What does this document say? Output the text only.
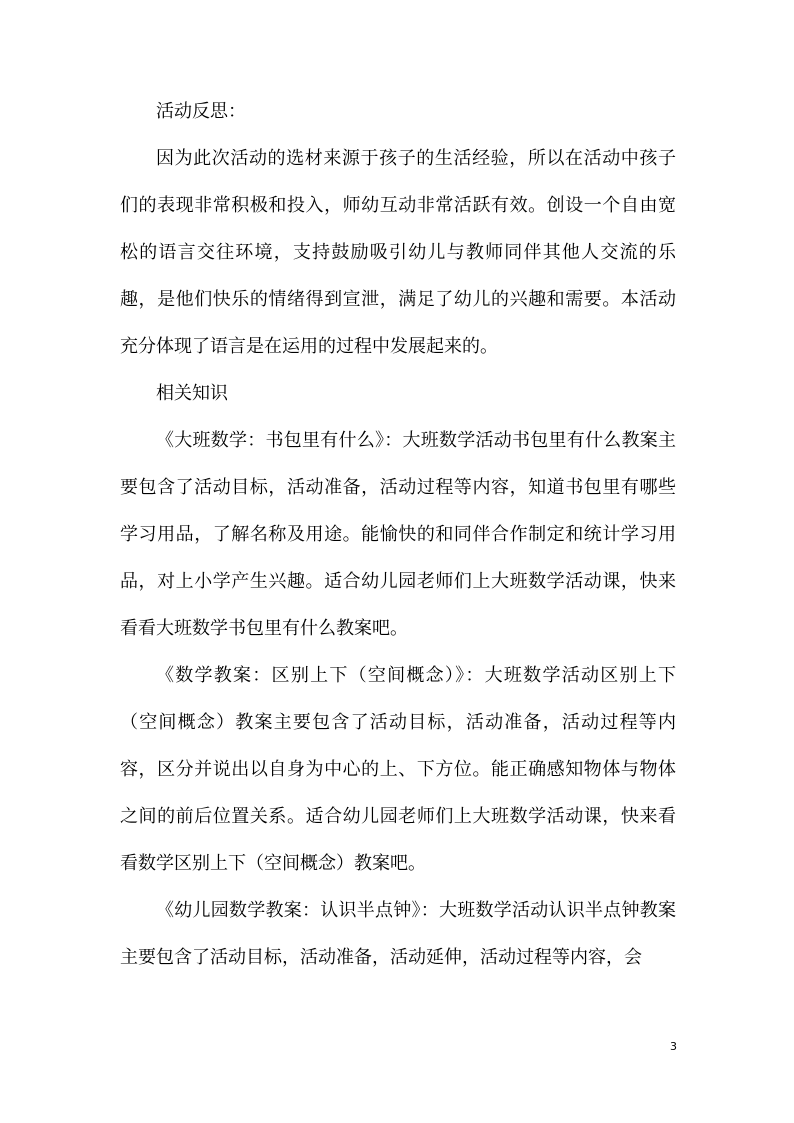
活动反思：

因为此次活动的选材来源于孩子的生活经验，所以在活动中孩子们的表现非常积极和投入，师幼互动非常活跃有效。创设一个自由宽松的语言交往环境，支持鼓励吸引幼儿与教师同伴其他人交流的乐趣，是他们快乐的情绪得到宣泄，满足了幼儿的兴趣和需要。本活动充分体现了语言是在运用的过程中发展起来的。

相关知识

《大班数学：书包里有什么》：大班数学活动书包里有什么教案主要包含了活动目标，活动准备，活动过程等内容，知道书包里有哪些学习用品，了解名称及用途。能愉快的和同伴合作制定和统计学习用品，对上小学产生兴趣。适合幼儿园老师们上大班数学活动课，快来看看大班数学书包里有什么教案吧。

《数学教案：区别上下（空间概念）》：大班数学活动区别上下（空间概念）教案主要包含了活动目标，活动准备，活动过程等内容，区分并说出以自身为中心的上、下方位。能正确感知物体与物体之间的前后位置关系。适合幼儿园老师们上大班数学活动课，快来看看数学区别上下（空间概念）教案吧。

《幼儿园数学教案：认识半点钟》：大班数学活动认识半点钟教案主要包含了活动目标，活动准备，活动延伸，活动过程等内容，会

3
